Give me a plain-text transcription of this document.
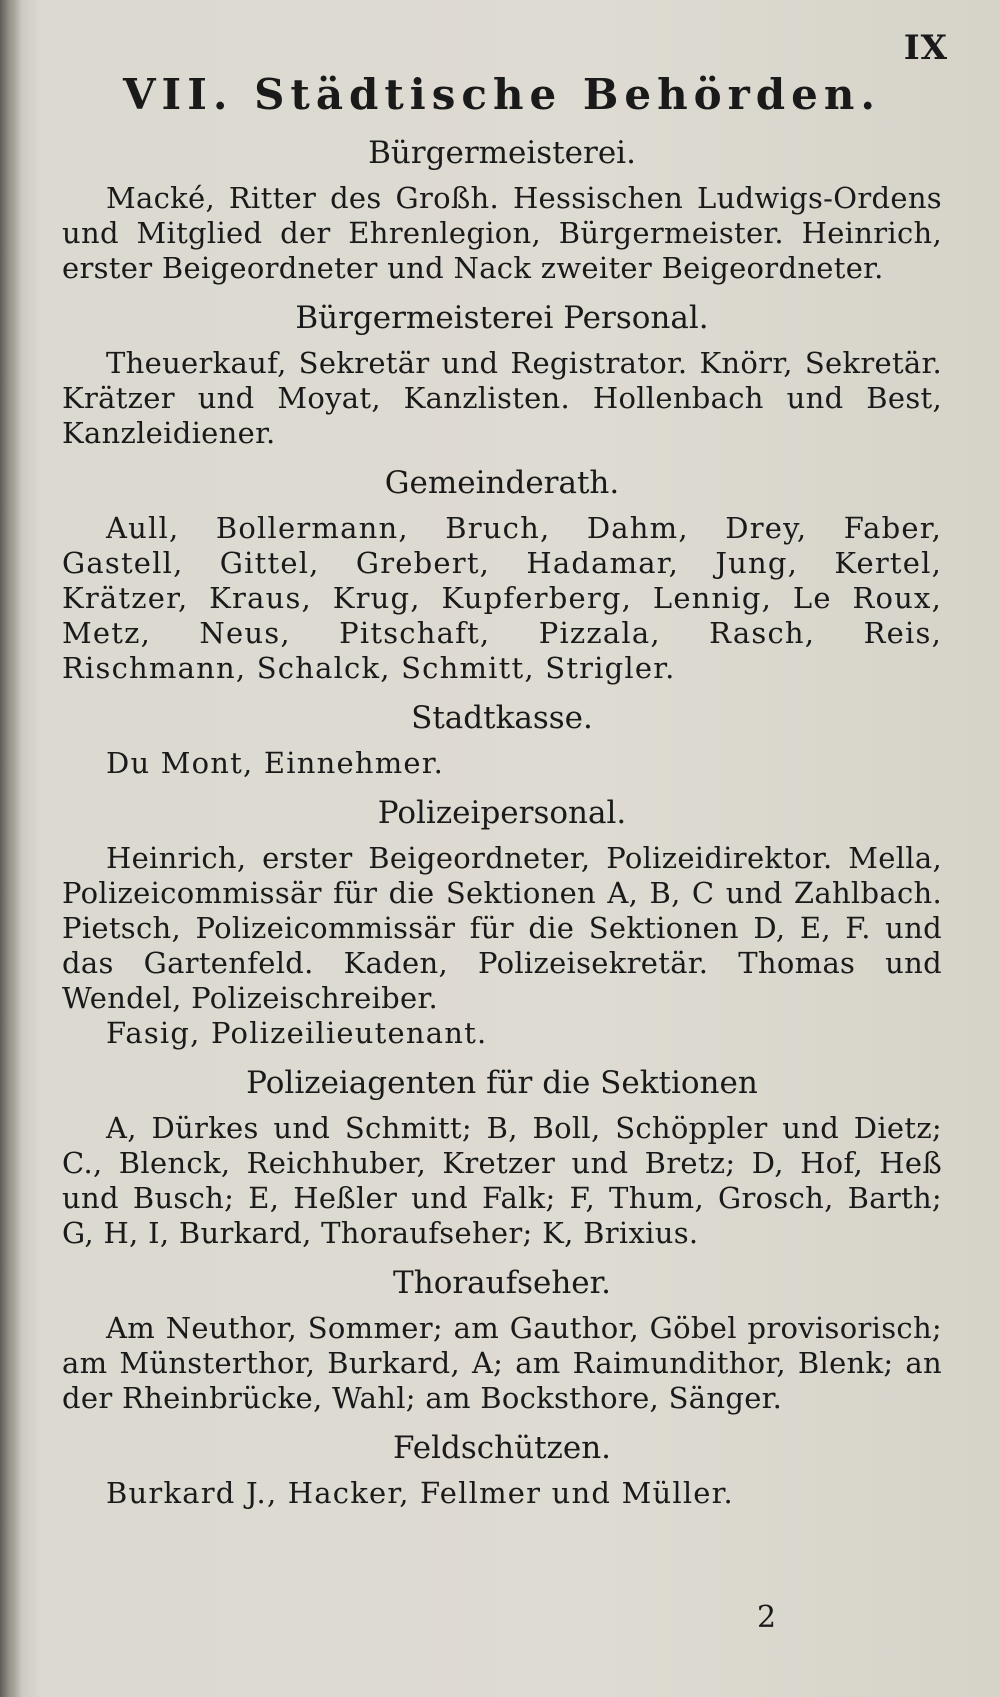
IX
VII. Städtische Behörden.
Bürgermeisterei.

Macké, Ritter des Großh. Hessischen Ludwigs-Ordens und Mitglied der Ehrenlegion, Bürgermeister. Heinrich, erster Beigeordneter und Nack zweiter Beigeordneter.

Bürgermeisterei Personal.

Theuerkauf, Sekretär und Registrator. Knörr, Sekretär. Krätzer und Moyat, Kanzlisten. Hollenbach und Best, Kanzleidiener.

Gemeinderath.

Aull, Bollermann, Bruch, Dahm, Drey, Faber, Gastell, Gittel, Grebert, Hadamar, Jung, Kertel, Krätzer, Kraus, Krug, Kupferberg, Lennig, Le Roux, Metz, Neus, Pitschaft, Pizzala, Rasch, Reis, Rischmann, Schalck, Schmitt, Strigler.

Stadtkasse.

Du Mont, Einnehmer.

Polizeipersonal.

Heinrich, erster Beigeordneter, Polizeidirektor. Mella, Polizeicommissär für die Sektionen A, B, C und Zahlbach. Pietsch, Polizeicommissär für die Sektionen D, E, F. und das Gartenfeld. Kaden, Polizeisekretär. Thomas und Wendel, Polizeischreiber.

Fasig, Polizeilieutenant.

Polizeiagenten für die Sektionen

A, Dürkes und Schmitt; B, Boll, Schöppler und Dietz; C., Blenck, Reichhuber, Kretzer und Bretz; D, Hof, Heß und Busch; E, Heßler und Falk; F, Thum, Grosch, Barth; G, H, I, Burkard, Thoraufseher; K, Brixius.

Thoraufseher.

Am Neuthor, Sommer; am Gauthor, Göbel provisorisch; am Münsterthor, Burkard, A; am Raimundithor, Blenk; an der Rheinbrücke, Wahl; am Bocksthore, Sänger.

Feldschützen.

Burkard J., Hacker, Fellmer und Müller.

2
